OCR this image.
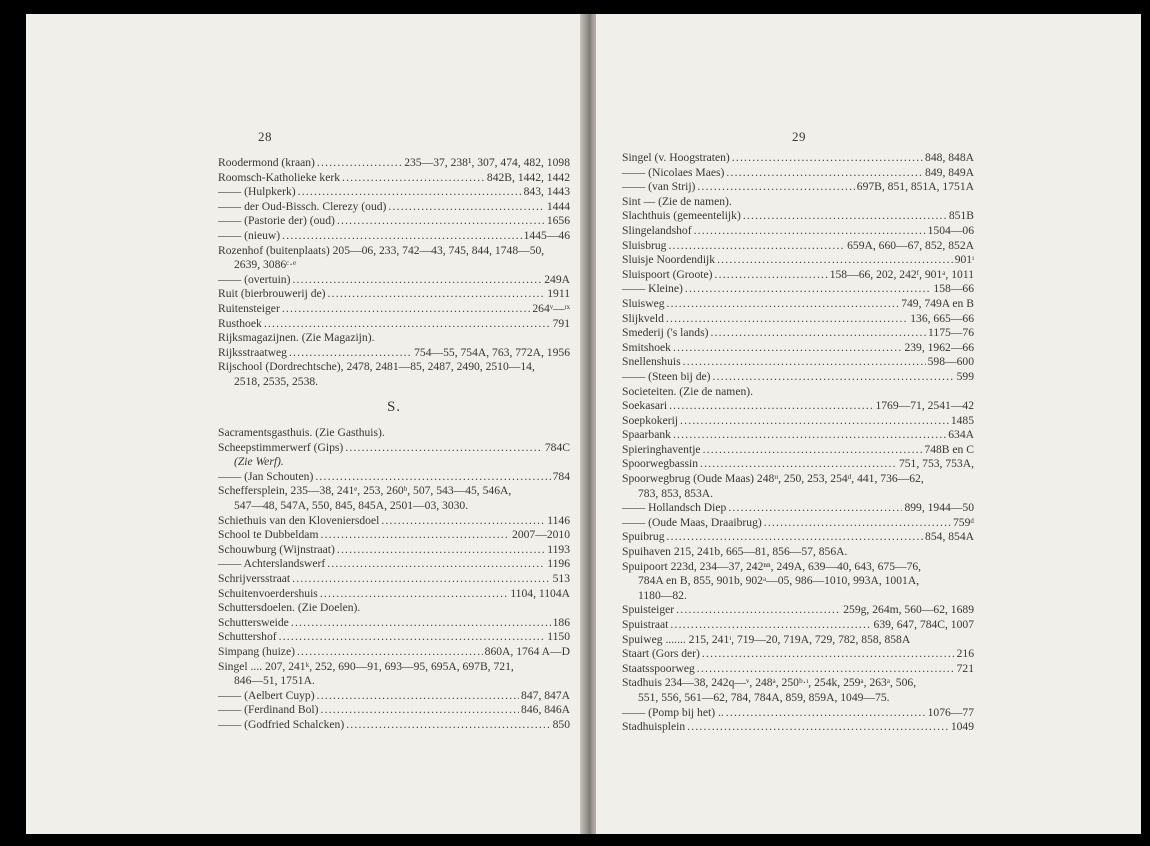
28
Roodermond (kraan) .....	235—37, 238¹, 307, 474, 482, 1098
Roomsch-Katholieke kerk .....	842B, 1442, 1442
—— (Hulpkerk) .....	843, 1443
—— der Oud-Bissch. Clerezy (oud) .....	1444
—— (Pastorie der) (oud) .....	1656
—— (nieuw) .....	1445—46
Rozenhof (buitenplaats) 205—06, 233, 742—43, 745, 844, 1748—50,
2639, 3086ᶜ·ᵉ
—— (overtuin) .....	249A
Ruit (bierbrouwerij de) .....	1911
Ruitensteiger .....	264ᵛ—ᶦˣ
Rusthoek .....	791
Rijksmagazijnen. (Zie Magazijn).
Rijksstraatweg .....	754—55, 754A, 763, 772A, 1956
Rijschool (Dordrechtsche), 2478, 2481—85, 2487, 2490, 2510—14,
2518, 2535, 2538.
S.
Sacramentsgasthuis. (Zie Gasthuis).
Scheepstimmerwerf (Gips) .....	784C
(Zie Werf).
—— (Jan Schouten) .....	784
Scheffersplein, 235—38, 241ᵉ, 253, 260ᵇ, 507, 543—45, 546A,
547—48, 547A, 550, 845, 845A, 2501—03, 3030.
Schiethuis van den Kloveniersdoel .....	1146
School te Dubbeldam .....	2007—2010
Schouwburg (Wijnstraat) .....	1193
—— Achterslandswerf .....	1196
Schrijversstraat .....	513
Schuitenvoerdershuis .....	1104, 1104A
Schuttersdoelen. (Zie Doelen).
Schuttersweide .....	186
Schuttershof .....	1150
Simpang (huize) .....	860A, 1764 A—D
Singel .... 207, 241ᵏ, 252, 690—91, 693—95, 695A, 697B, 721,
846—51, 1751A.
—— (Aelbert Cuyp) .....	847, 847A
—— (Ferdinand Bol) .....	846, 846A
—— (Godfried Schalcken) .....	850
29
Singel (v. Hoogstraten) .....	848, 848A
—— (Nicolaes Maes) .....	849, 849A
—— (van Strij) .....	697B, 851, 851A, 1751A
Sint — (Zie de namen).
Slachthuis (gemeentelijk) .....	851B
Slingelandshof .....	1504—06
Sluisbrug .....	659A, 660—67, 852, 852A
Sluisje Noordendijk .....	901ᶦ
Sluispoort (Groote) .....	158—66, 202, 242ᶠ, 901ᵃ, 1011
—— Kleine) .....	158—66
Sluisweg .....	749, 749A en B
Slijkveld .....	136, 665—66
Smederij ('s lands) .....	1175—76
Smitshoek .....	239, 1962—66
Snellenshuis .....	598—600
—— (Steen bij de) .....	599
Societeiten. (Zie de namen).
Soekasari .....	1769—71, 2541—42
Soepkokerij .....	1485
Spaarbank .....	634A
Spieringhaventje .....	748B en C
Spoorwegbassin .....	751, 753, 753A,
Spoorwegbrug (Oude Maas) 248ᶦᶦ, 250, 253, 254ᵈ, 441, 736—62,
783, 853, 853A.
—— Hollandsch Diep .....	899, 1944—50
—— (Oude Maas, Draaibrug) .....	759ᵈ
Spuibrug .....	854, 854A
Spuihaven 215, 241b, 665—81, 856—57, 856A.
Spuipoort 223d, 234—37, 242ⁿⁿ, 249A, 639—40, 643, 675—76,
784A en B, 855, 901b, 902ᵃ—05, 986—1010, 993A, 1001A,
1180—82.
Spuisteiger .....	259g, 264m, 560—62, 1689
Spuistraat .....	639, 647, 784C, 1007
Spuiweg ....... 215, 241ᶦ, 719—20, 719A, 729, 782, 858, 858A
Staart (Gors der) .....	216
Staatsspoorweg .....	721
Stadhuis 234—38, 242q—ᵛ, 248ᵃ, 250ᵇ·ᶦ, 254k, 259ᵃ, 263ᵃ, 506,
551, 556, 561—62, 784, 784A, 859, 859A, 1049—75.
—— (Pomp bij het) .. .....	1076—77
Stadhuisplein .....	1049
